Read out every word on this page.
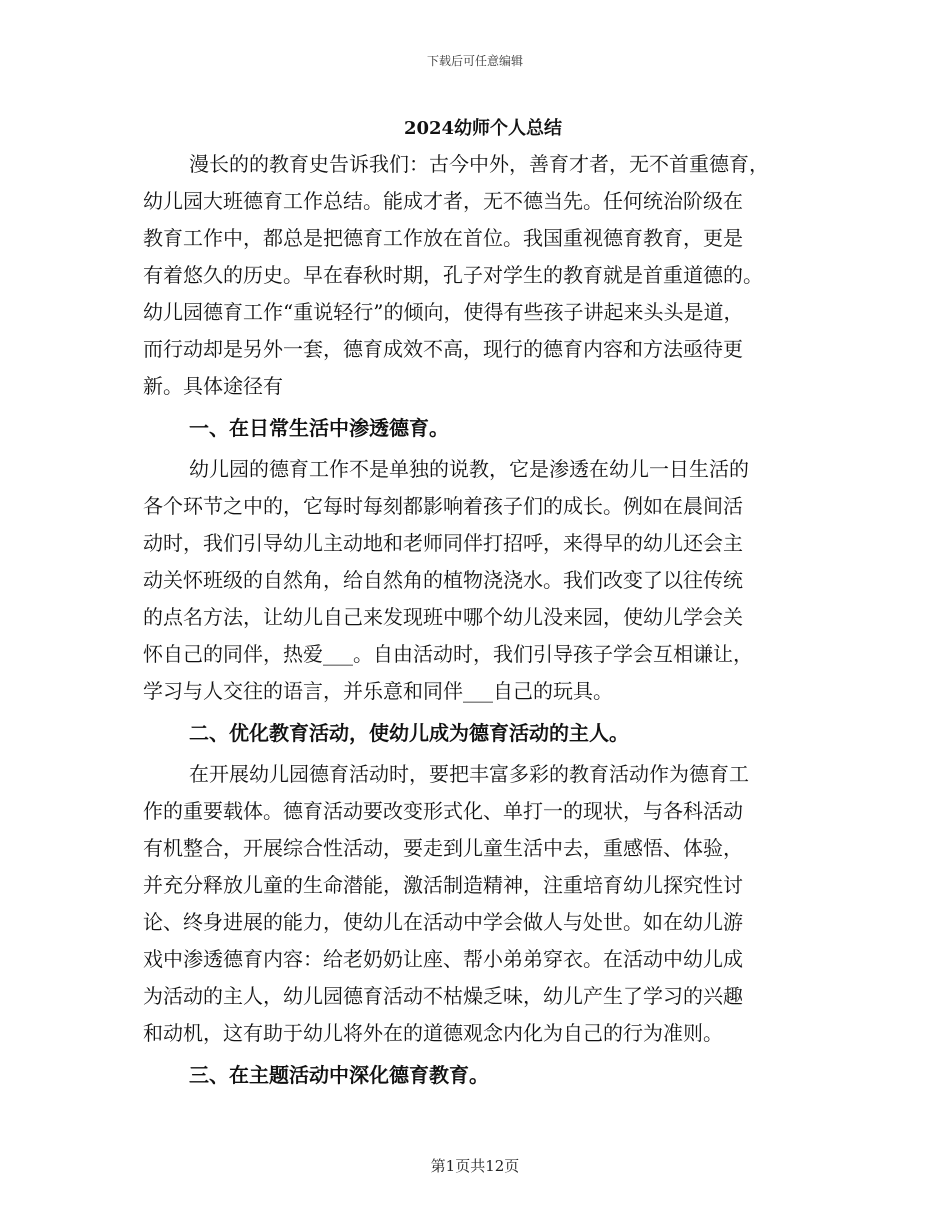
下载后可任意编辑
2024幼师个人总结
漫长的的教育史告诉我们：古今中外，善育才者，无不首重德育，
幼儿园大班德育工作总结。能成才者，无不德当先。任何统治阶级在
教育工作中，都总是把德育工作放在首位。我国重视德育教育，更是
有着悠久的历史。早在春秋时期，孔子对学生的教育就是首重道德的。
幼儿园德育工作“重说轻行”的倾向，使得有些孩子讲起来头头是道，
而行动却是另外一套，德育成效不高，现行的德育内容和方法亟待更
新。具体途径有
一、在日常生活中渗透德育。
幼儿园的德育工作不是单独的说教，它是渗透在幼儿一日生活的
各个环节之中的，它每时每刻都影响着孩子们的成长。例如在晨间活
动时，我们引导幼儿主动地和老师同伴打招呼，来得早的幼儿还会主
动关怀班级的自然角，给自然角的植物浇浇水。我们改变了以往传统
的点名方法，让幼儿自己来发现班中哪个幼儿没来园，使幼儿学会关
怀自己的同伴，热爱___。自由活动时，我们引导孩子学会互相谦让，
学习与人交往的语言，并乐意和同伴___自己的玩具。
二、优化教育活动，使幼儿成为德育活动的主人。
在开展幼儿园德育活动时，要把丰富多彩的教育活动作为德育工
作的重要载体。德育活动要改变形式化、单打一的现状，与各科活动
有机整合，开展综合性活动，要走到儿童生活中去，重感悟、体验，
并充分释放儿童的生命潜能，激活制造精神，注重培育幼儿探究性讨
论、终身进展的能力，使幼儿在活动中学会做人与处世。如在幼儿游
戏中渗透德育内容：给老奶奶让座、帮小弟弟穿衣。在活动中幼儿成
为活动的主人，幼儿园德育活动不枯燥乏味，幼儿产生了学习的兴趣
和动机，这有助于幼儿将外在的道德观念内化为自己的行为准则。
三、在主题活动中深化德育教育。
第1页共12页
